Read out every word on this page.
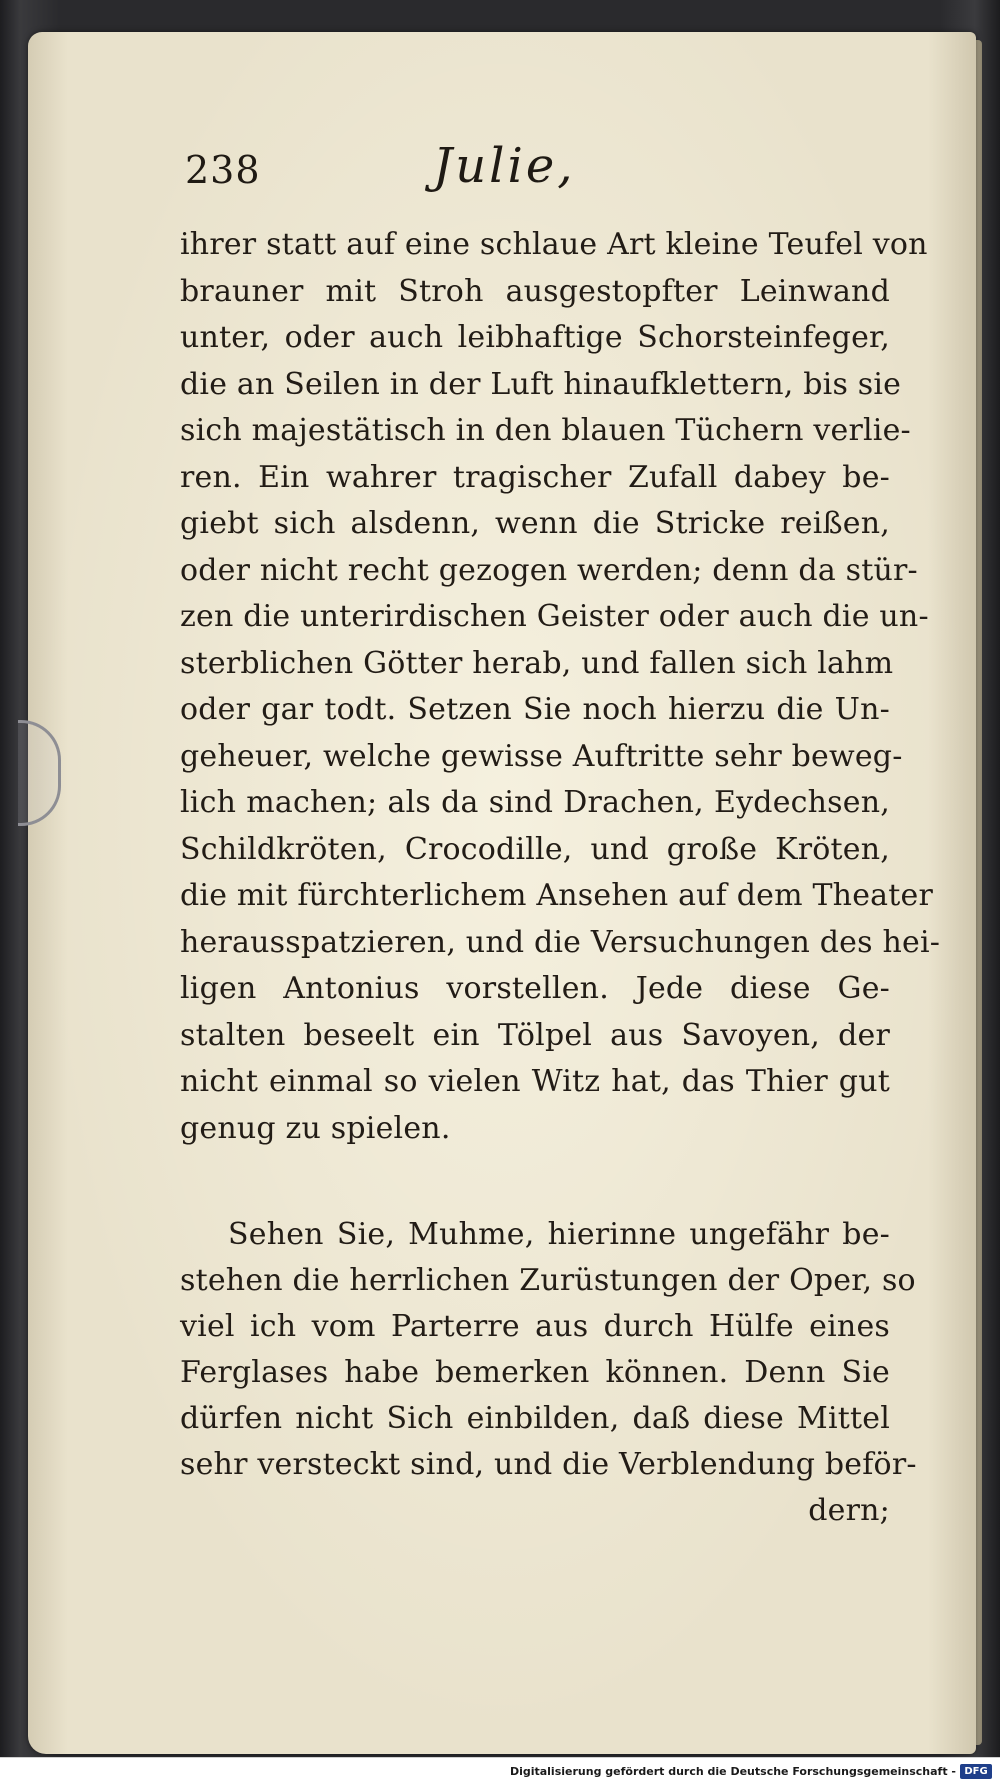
238	Julie,
ihrer statt auf eine schlaue Art kleine Teufel von
brauner mit Stroh ausgestopfter Leinwand
unter, oder auch leibhaftige Schorsteinfeger,
die an Seilen in der Luft hinaufklettern, bis sie
sich majestätisch in den blauen Tüchern verlie-
ren. Ein wahrer tragischer Zufall dabey be-
giebt sich alsdenn, wenn die Stricke reißen,
oder nicht recht gezogen werden; denn da stür-
zen die unterirdischen Geister oder auch die un-
sterblichen Götter herab, und fallen sich lahm
oder gar todt. Setzen Sie noch hierzu die Un-
geheuer, welche gewisse Auftritte sehr beweg-
lich machen; als da sind Drachen, Eydechsen,
Schildkröten, Crocodille, und große Kröten,
die mit fürchterlichem Ansehen auf dem Theater
herausspatzieren, und die Versuchungen des hei-
ligen Antonius vorstellen. Jede diese Ge-
stalten beseelt ein Tölpel aus Savoyen, der
nicht einmal so vielen Witz hat, das Thier gut
genug zu spielen.
Sehen Sie, Muhme, hierinne ungefähr be-
stehen die herrlichen Zurüstungen der Oper, so
viel ich vom Parterre aus durch Hülfe eines
Ferglases habe bemerken können. Denn Sie
dürfen nicht Sich einbilden, daß diese Mittel
sehr versteckt sind, und die Verblendung beför-
dern;
Digitalisierung gefördert durch die Deutsche Forschungsgemeinschaft - DFG
